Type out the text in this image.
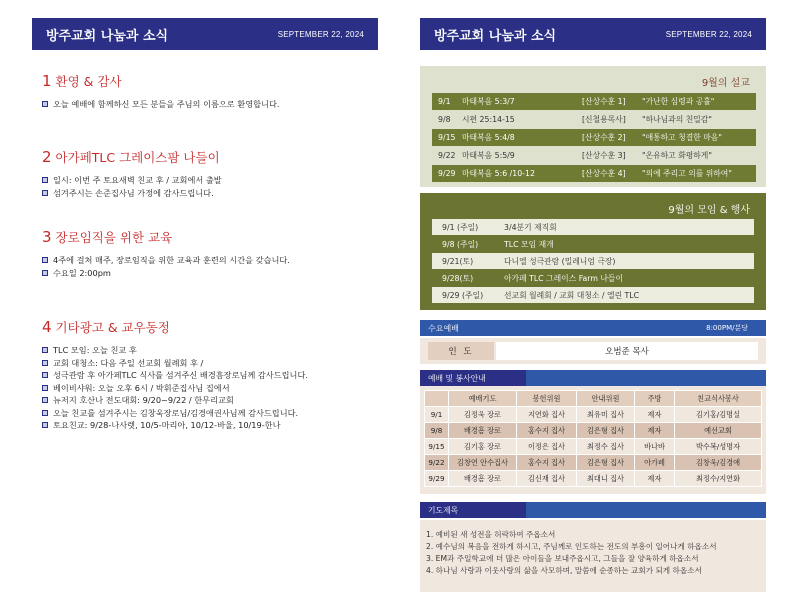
방주교회 나눔과 소식	SEPTEMBER 22, 2024
1 환영 & 감사
오늘 예배에 함께하신 모든 분들을 주님의 이름으로 환영합니다.
2 아가페TLC 그레이스팜 나들이
일시: 이번 주 토요새벽 친교 후 / 교회에서 출발
섬겨주시는 손준집사님 가정에 감사드립니다.
3 장로임직을 위한 교육
4주에 걸쳐 매주, 장로임직을 위한 교육과 훈련의 시간을 갖습니다.
수요일 2:00pm
4 기타광고 & 교우동정
TLC 모임: 오늘 친교 후
교회 대청소: 다음 주일 선교회 월례회 후 /
성극관람 후 아가페TLC 식사를 섬겨주신 배경흠장로님께 감사드립니다.
베이비샤워: 오늘 오후 6시 / 박휘준집사님 집에서
뉴저지 호산나 전도대회: 9/20~9/22 / 한무리교회
오늘 친교를 섬겨주시는 김창욱장로님/김경애권사님께 감사드립니다.
토요친교: 9/28-나사렛, 10/5-마리아, 10/12-바울, 10/19-한나
방주교회 나눔과 소식	SEPTEMBER 22, 2024
9월의 설교
9/1	마태복음 5:3/7	[산상수훈 1]	"가난한 심령과 공휼"
9/8	시편 25:14-15	[신철용목사]	"하나님과의 친밀감"
9/15 마태복음 5:4/8	[산상수훈 2]	"애통하고 청결한 마음"
9/22 마태복음 5:5/9	[산상수훈 3]	"온유하고 화평하게"
9/29 마태복음 5:6 /10-12	[산상수훈 4]	"의에 주리고 의를 위하여"
9월의 모임 & 행사
9/1 (주일)	3/4분기 제직회
9/8 (주일)	TLC 모임 재개
9/21(토)	다니엘 성극관람 (밀레니엄 극장)
9/28(토)	아가페 TLC 그레이스 Farm 나들이
9/29 (주일)	선교회 월례회 / 교회 대청소 / 엘린 TLC
수요예배	8:00PM/분당
인 도	오범준 목사
예배 및 봉사안내
	예배기도	봉헌위원	안내위원	주방	친교식사봉사
9/1	김정욱 장로	지연화 집사	최유미 집사	제자	김기홍/김명실
9/8	배경흠 장로	홍수지 집사	김은형 집사	제자	예선교회
9/15	김기홍 장로	이정은 집사	최정수 집사	바나바	박수복/성명자
9/22	김창연 안수집사	홍수지 집사	김은형 집사	아가페	김창욱/김경애
9/29	배경흠 장로	김신재 집사	최대니 집사	제자	최정수/지연화
기도제목
1. 예비된 새 성전을 허락하여 주옵소서
2. 예수님의 복음을 전하게 하시고, 주님께로 인도하는 전도의 부흥이 일어나게 하옵소서
3. EM과 주일학교에 더 많은 아이들을 보내주옵시고, 그들을 잘 양육하게 하옵소서
4. 하나님 사랑과 이웃사랑의 삶을 사모하며, 말씀에 순종하는 교회가 되게 하옵소서
